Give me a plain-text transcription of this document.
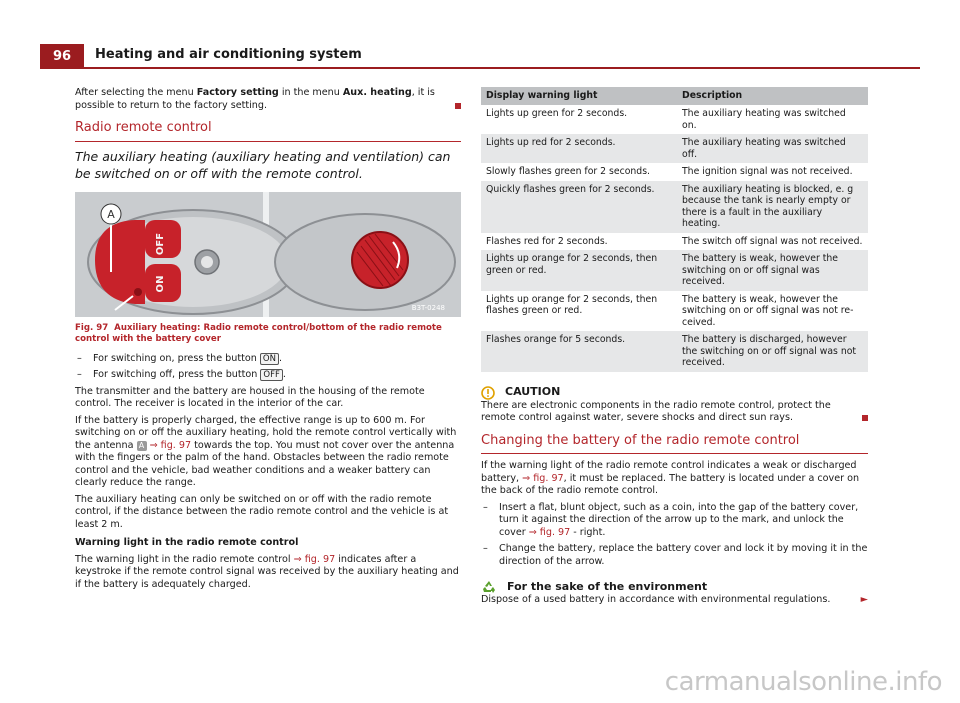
96	Heating and air conditioning system

After selecting the menu Factory setting in the menu Aux. heating, it is possible to return to the factory setting.

Radio remote control
The auxiliary heating (auxiliary heating and ventilation) can be switched on or off with the remote control.
OFF
ON
A
B3T-0248
Fig. 97 Auxiliary heating: Radio remote control/bottom of the radio remote control with the battery cover
– For switching on, press the button ON .
– For switching off, press the button OFF .

The transmitter and the battery are housed in the housing of the remote control. The receiver is located in the interior of the car.

If the battery is properly charged, the effective range is up to 600 m. For switching on or off the auxiliary heating, hold the remote control vertically with the antenna A ⇒ fig. 97 towards the top. You must not cover over the antenna with the fingers or the palm of the hand. Obstacles between the radio remote control and the vehicle, bad weather conditions and a weaker battery can clearly reduce the range.

The auxiliary heating can only be switched on or off with the radio remote control, if the distance between the radio remote control and the vehicle is at least 2 m.

Warning light in the radio remote control

The warning light in the radio remote control ⇒ fig. 97 indicates after a keystroke if the remote control signal was received by the auxiliary heating and if the battery is adequately charged.

Display warning light	Description
Lights up green for 2 seconds.	The auxiliary heating was switched on.
Lights up red for 2 seconds.	The auxiliary heating was switched off.
Slowly flashes green for 2 seconds.	The ignition signal was not received.
Quickly flashes green for 2 seconds.	The auxiliary heating is blocked, e. g because the tank is nearly empty or there is a fault in the auxiliary heating.
Flashes red for 2 seconds.	The switch off signal was not received.
Lights up orange for 2 seconds, then green or red.	The battery is weak, however the switching on or off signal was received.
Lights up orange for 2 seconds, then flashes green or red.	The battery is weak, however the switching on or off signal was not received.
Flashes orange for 5 seconds.	The battery is discharged, however the switching on or off signal was not received.
CAUTION

There are electronic components in the radio remote control, protect the remote control against water, severe shocks and direct sun rays.

Changing the battery of the radio remote control

If the warning light of the radio remote control indicates a weak or discharged battery, ⇒ fig. 97, it must be replaced. The battery is located under a cover on the back of the radio remote control.

– Insert a flat, blunt object, such as a coin, into the gap of the battery cover, turn it against the direction of the arrow up to the mark, and unlock the cover ⇒ fig. 97 - right.
– Change the battery, replace the battery cover and lock it by moving it in the direction of the arrow.
For the sake of the environment

Dispose of a used battery in accordance with environmental regulations.	►

carmanualsonline.info
